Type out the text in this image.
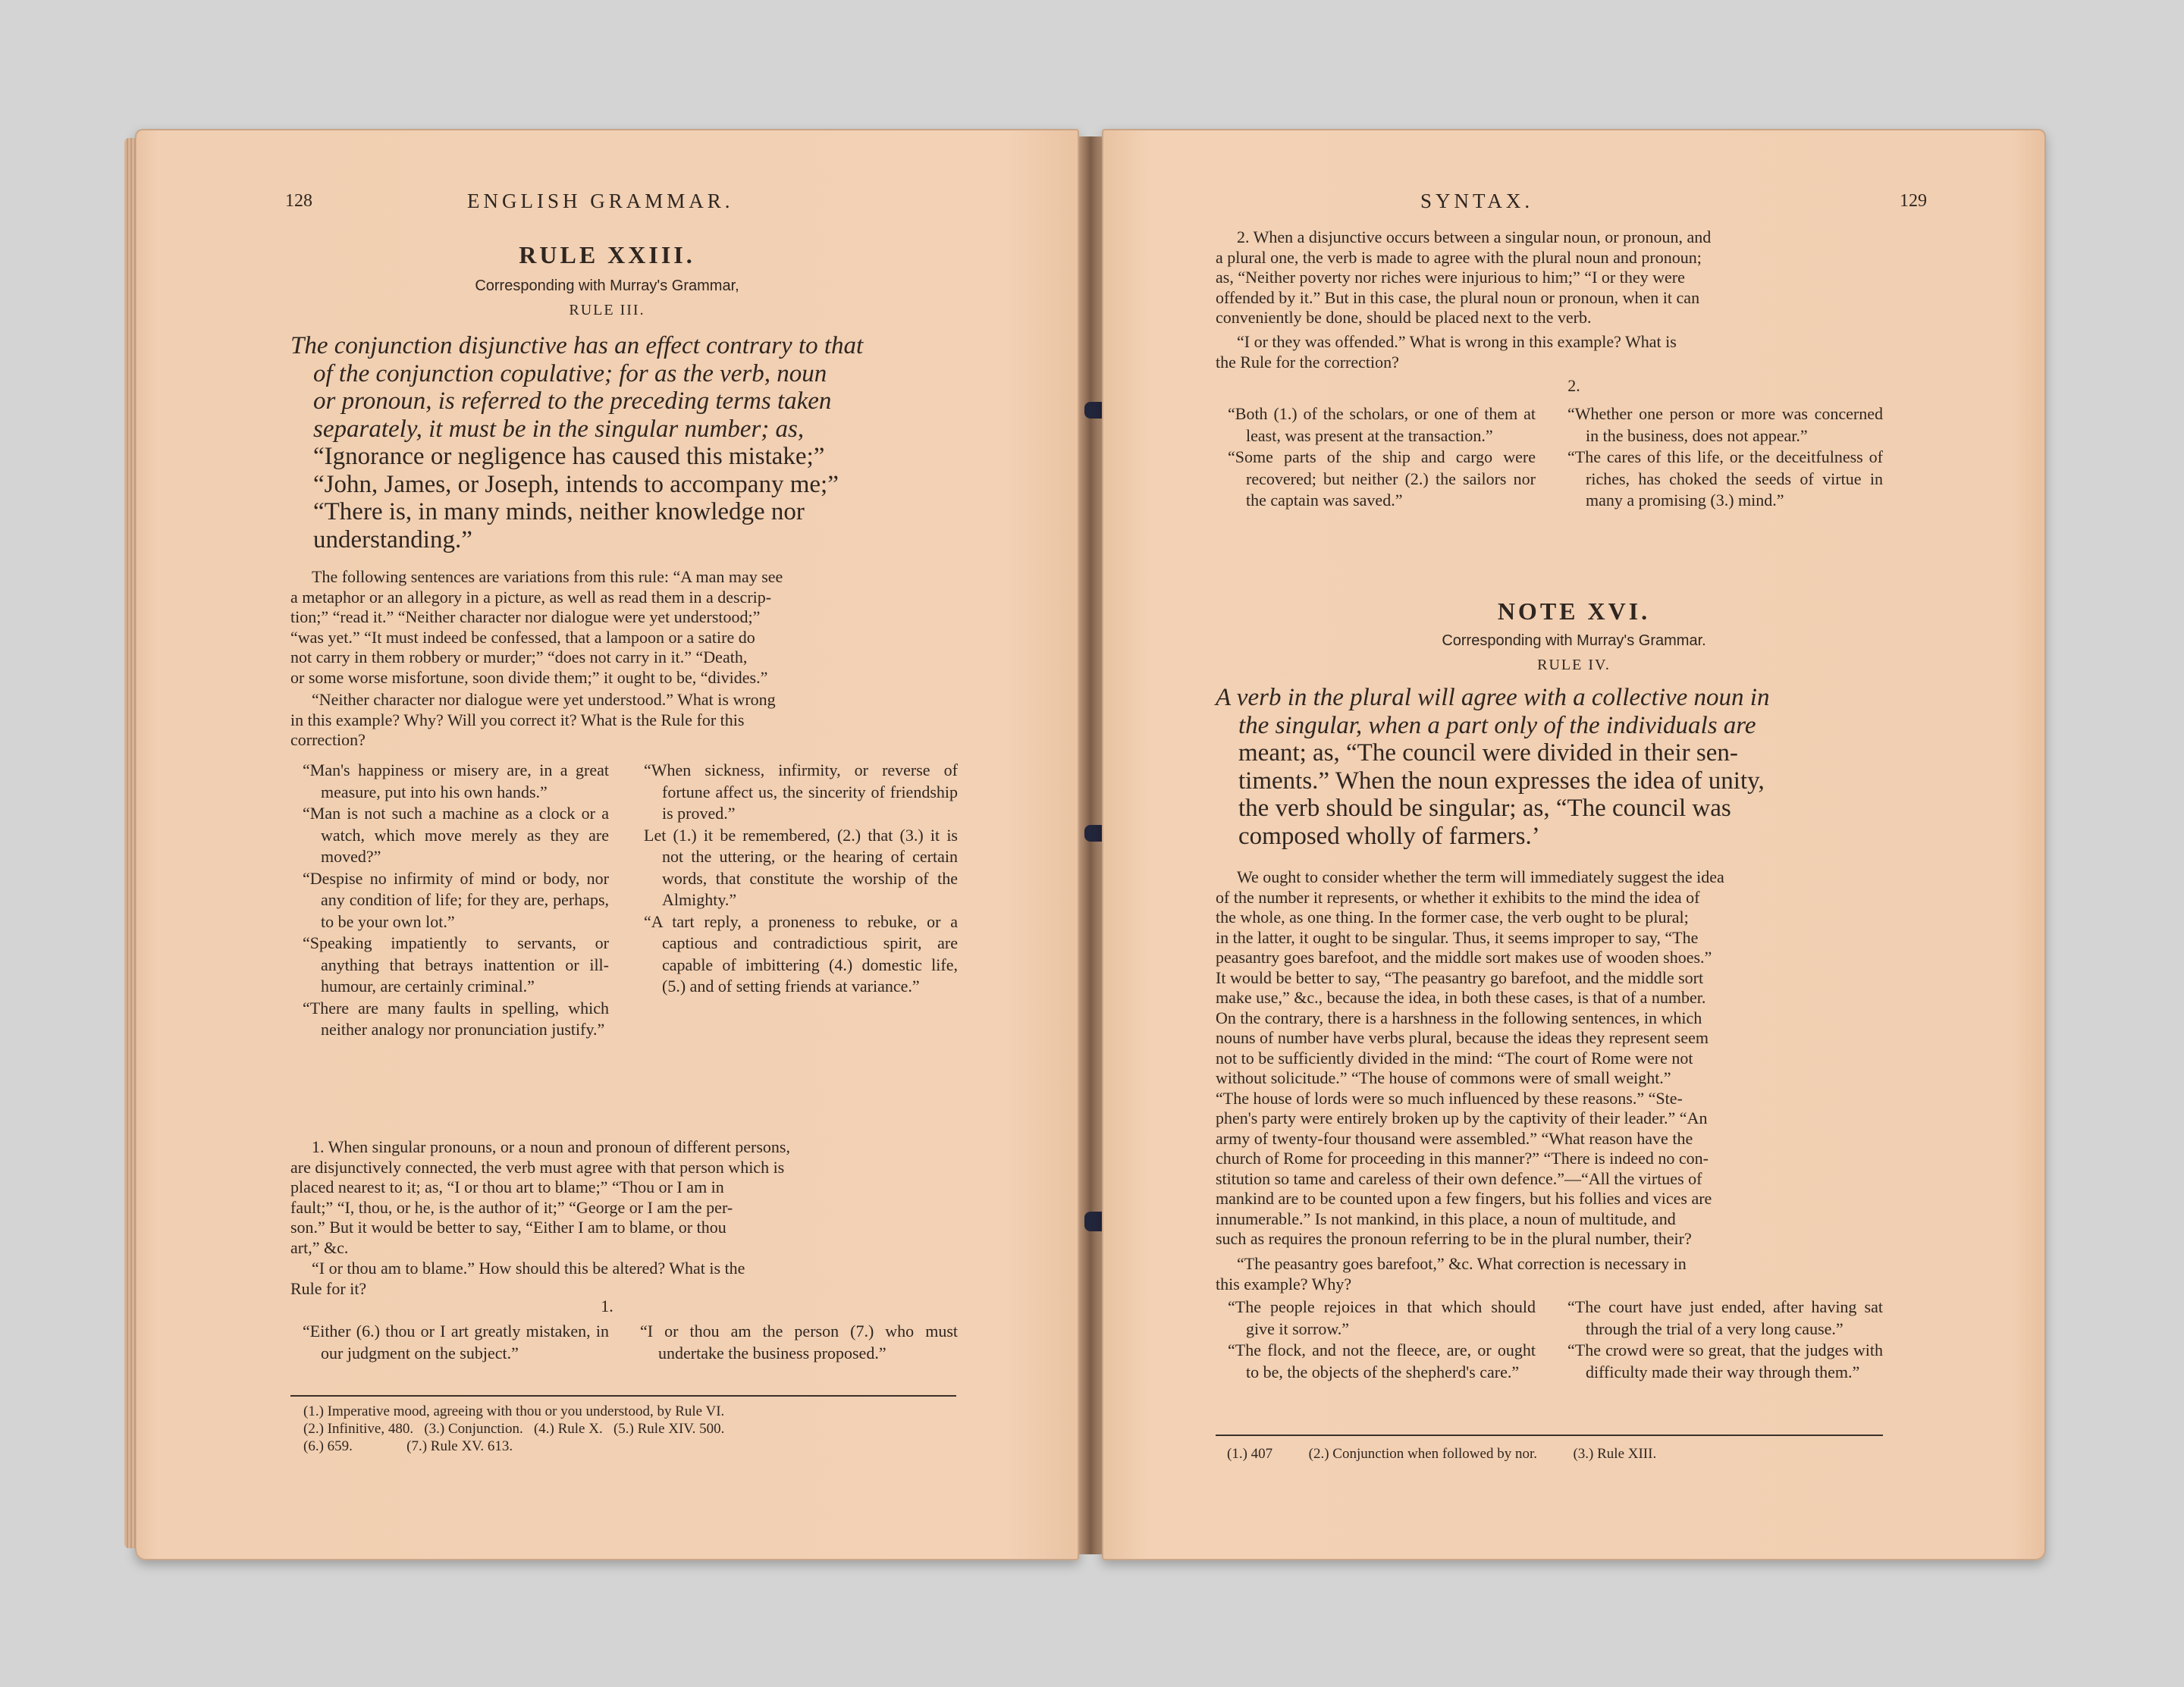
128	ENGLISH GRAMMAR.
RULE XXIII.
Corresponding with Murray's Grammar,
RULE III.

The conjunction disjunctive has an effect contrary to that

of the conjunction copulative; for as the verb, noun

or pronoun, is referred to the preceding terms taken

separately, it must be in the singular number; as,

“Ignorance or negligence has caused this mistake;”

“John, James, or Joseph, intends to accompany me;”

“There is, in many minds, neither knowledge nor

understanding.”

The following sentences are variations from this rule: “A man may see

a metaphor or an allegory in a picture, as well as read them in a descrip-

tion;” “read it.” “Neither character nor dialogue were yet understood;”

“was yet.” “It must indeed be confessed, that a lampoon or a satire do

not carry in them robbery or murder;” “does not carry in it.” “Death,

or some worse misfortune, soon divide them;” it ought to be, “divides.”

“Neither character nor dialogue were yet understood.” What is wrong

in this example? Why? Will you correct it? What is the Rule for this

correction?

“Man's happiness or misery are, in a great measure, put into his own hands.”

“Man is not such a machine as a clock or a watch, which move merely as they are moved?”

“Despise no infirmity of mind or body, nor any condition of life; for they are, perhaps, to be your own lot.”

“Speaking impatiently to servants, or anything that betrays inattention or ill-humour, are certainly criminal.”

“There are many faults in spelling, which neither analogy nor pronunciation justify.”

“When sickness, infirmity, or reverse of fortune affect us, the sincerity of friendship is proved.”

Let (1.) it be remembered, (2.) that (3.) it is not the uttering, or the hearing of certain words, that constitute the worship of the Almighty.”

“A tart reply, a proneness to rebuke, or a captious and contradictious spirit, are capable of imbittering (4.) domestic life, (5.) and of setting friends at variance.”

1. When singular pronouns, or a noun and pronoun of different persons,

are disjunctively connected, the verb must agree with that person which is

placed nearest to it; as, “I or thou art to blame;” “Thou or I am in

fault;” “I, thou, or he, is the author of it;” “George or I am the per-

son.” But it would be better to say, “Either I am to blame, or thou

art,” &c.

“I or thou am to blame.” How should this be altered? What is the

Rule for it?

1.

“Either (6.) thou or I art greatly mistaken, in our judgment on the subject.”

“I or thou am the person (7.) who must undertake the business proposed.”

(1.) Imperative mood, agreeing with thou or you understood, by Rule VI.

(2.) Infinitive, 480.   (3.) Conjunction.   (4.) Rule X.   (5.) Rule XIV. 500.

(6.) 659.               (7.) Rule XV. 613.

SYNTAX.	129

2. When a disjunctive occurs between a singular noun, or pronoun, and

a plural one, the verb is made to agree with the plural noun and pronoun;

as, “Neither poverty nor riches were injurious to him;” “I or they were

offended by it.” But in this case, the plural noun or pronoun, when it can

conveniently be done, should be placed next to the verb.

“I or they was offended.” What is wrong in this example? What is

the Rule for the correction?

2.

“Both (1.) of the scholars, or one of them at least, was present at the transaction.”

“Some parts of the ship and cargo were recovered; but neither (2.) the sailors nor the captain was saved.”

“Whether one person or more was concerned in the business, does not appear.”

“The cares of this life, or the deceitfulness of riches, has choked the seeds of virtue in many a promising (3.) mind.”

NOTE XVI.
Corresponding with Murray's Grammar.
RULE IV.

A verb in the plural will agree with a collective noun in

the singular, when a part only of the individuals are

meant; as, “The council were divided in their sen-

timents.” When the noun expresses the idea of unity,

the verb should be singular; as, “The council was

composed wholly of farmers.’

We ought to consider whether the term will immediately suggest the idea

of the number it represents, or whether it exhibits to the mind the idea of

the whole, as one thing. In the former case, the verb ought to be plural;

in the latter, it ought to be singular. Thus, it seems improper to say, “The

peasantry goes barefoot, and the middle sort makes use of wooden shoes.”

It would be better to say, “The peasantry go barefoot, and the middle sort

make use,” &c., because the idea, in both these cases, is that of a number.

On the contrary, there is a harshness in the following sentences, in which

nouns of number have verbs plural, because the ideas they represent seem

not to be sufficiently divided in the mind: “The court of Rome were not

without solicitude.” “The house of commons were of small weight.”

“The house of lords were so much influenced by these reasons.” “Ste-

phen's party were entirely broken up by the captivity of their leader.” “An

army of twenty-four thousand were assembled.” “What reason have the

church of Rome for proceeding in this manner?” “There is indeed no con-

stitution so tame and careless of their own defence.”—“All the virtues of

mankind are to be counted upon a few fingers, but his follies and vices are

innumerable.” Is not mankind, in this place, a noun of multitude, and

such as requires the pronoun referring to be in the plural number, their?

“The peasantry goes barefoot,” &c. What correction is necessary in

this example? Why?

“The people rejoices in that which should give it sorrow.”

“The flock, and not the fleece, are, or ought to be, the objects of the shepherd's care.”

“The court have just ended, after having sat through the trial of a very long cause.”

“The crowd were so great, that the judges with difficulty made their way through them.”

(1.) 407          (2.) Conjunction when followed by nor.          (3.) Rule XIII.
